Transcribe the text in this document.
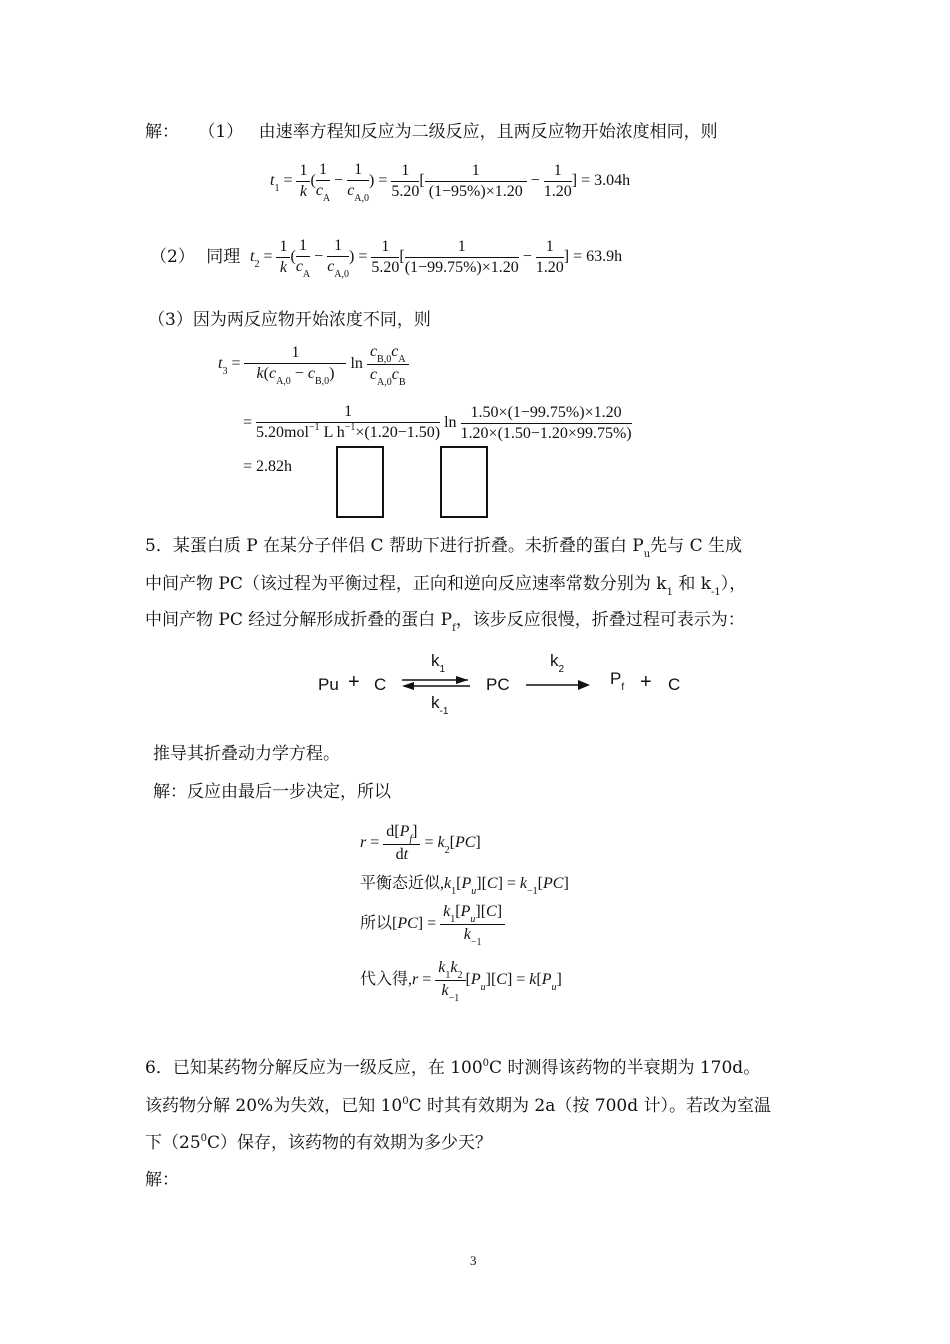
解： （1） 由速率方程知反应为二级反应，且两反应物开始浓度相同，则
$t_1 = \frac{1}{k}$ ( $\frac{1}{c_A} - \frac{1}{c_{A,0}}$ ) = $\frac{1}{5.20}$ [ $\frac{1}{(1-95\%)\times 1.20} - \frac{1}{1.20}$ ] = 3.04h
（2） 同理 $t_2 = \frac{1}{k}$ ( $\frac{1}{c_A} - \frac{1}{c_{A,0}}$ ) = $\frac{1}{5.20}$ [ $\frac{1}{(1-99.75\%)\times 1.20} - \frac{1}{1.20}$ ] = 63.9h
（3）因为两反应物开始浓度不同，则
$t_3 = \frac{1}{k(c_{A,0} - c_{B,0})}$ $\ln \frac{c_{B,0}c_A}{c_{A,0}c_B}$
= $\frac{1}{5.20mol^{-1} L h^{-1}\times(1.20-1.50)}$ $\ln \frac{1.50\times(1-99.75\%)\times 1.20}{1.20\times(1.50-1.20\times 99.75\%)}$
= 2.82h
5．某蛋白质 P 在某分子伴侣 C 帮助下进行折叠。未折叠的蛋白 $P_u$先与 C 生成
中间产物 PC（该过程为平衡过程，正向和逆向反应速率常数分别为 $k_1$ 和 $k_{-1}$），
中间产物 PC 经过分解形成折叠的蛋白 $P_f$，该步反应很慢，折叠过程可表示为：
Pu + C
$k_1$
$k_{-1}$
PC
$k_2$	$P_f + C$
推导其折叠动力学方程。
解：反应由最后一步决定，所以
$r = \frac{d[P_f]}{dt} = k_2[PC]$
平衡态近似$,k_1[P_u][C] = k_{-1}[PC]$
所以$[PC] = \frac{k_1[P_u][C]}{k_{-1}}$
代入得$,r = \frac{k_1k_2}{k_{-1}} [P_u][C] = k[P_u]$
6．已知某药物分解反应为一级反应，在 $100^0C$ 时测得该药物的半衰期为 170d。
该药物分解 20%为失效，已知 $10^0C$ 时其有效期为 2a（按 700d 计）。若改为室温
下$(25^0C)$保存，该药物的有效期为多少天？
解：
3
